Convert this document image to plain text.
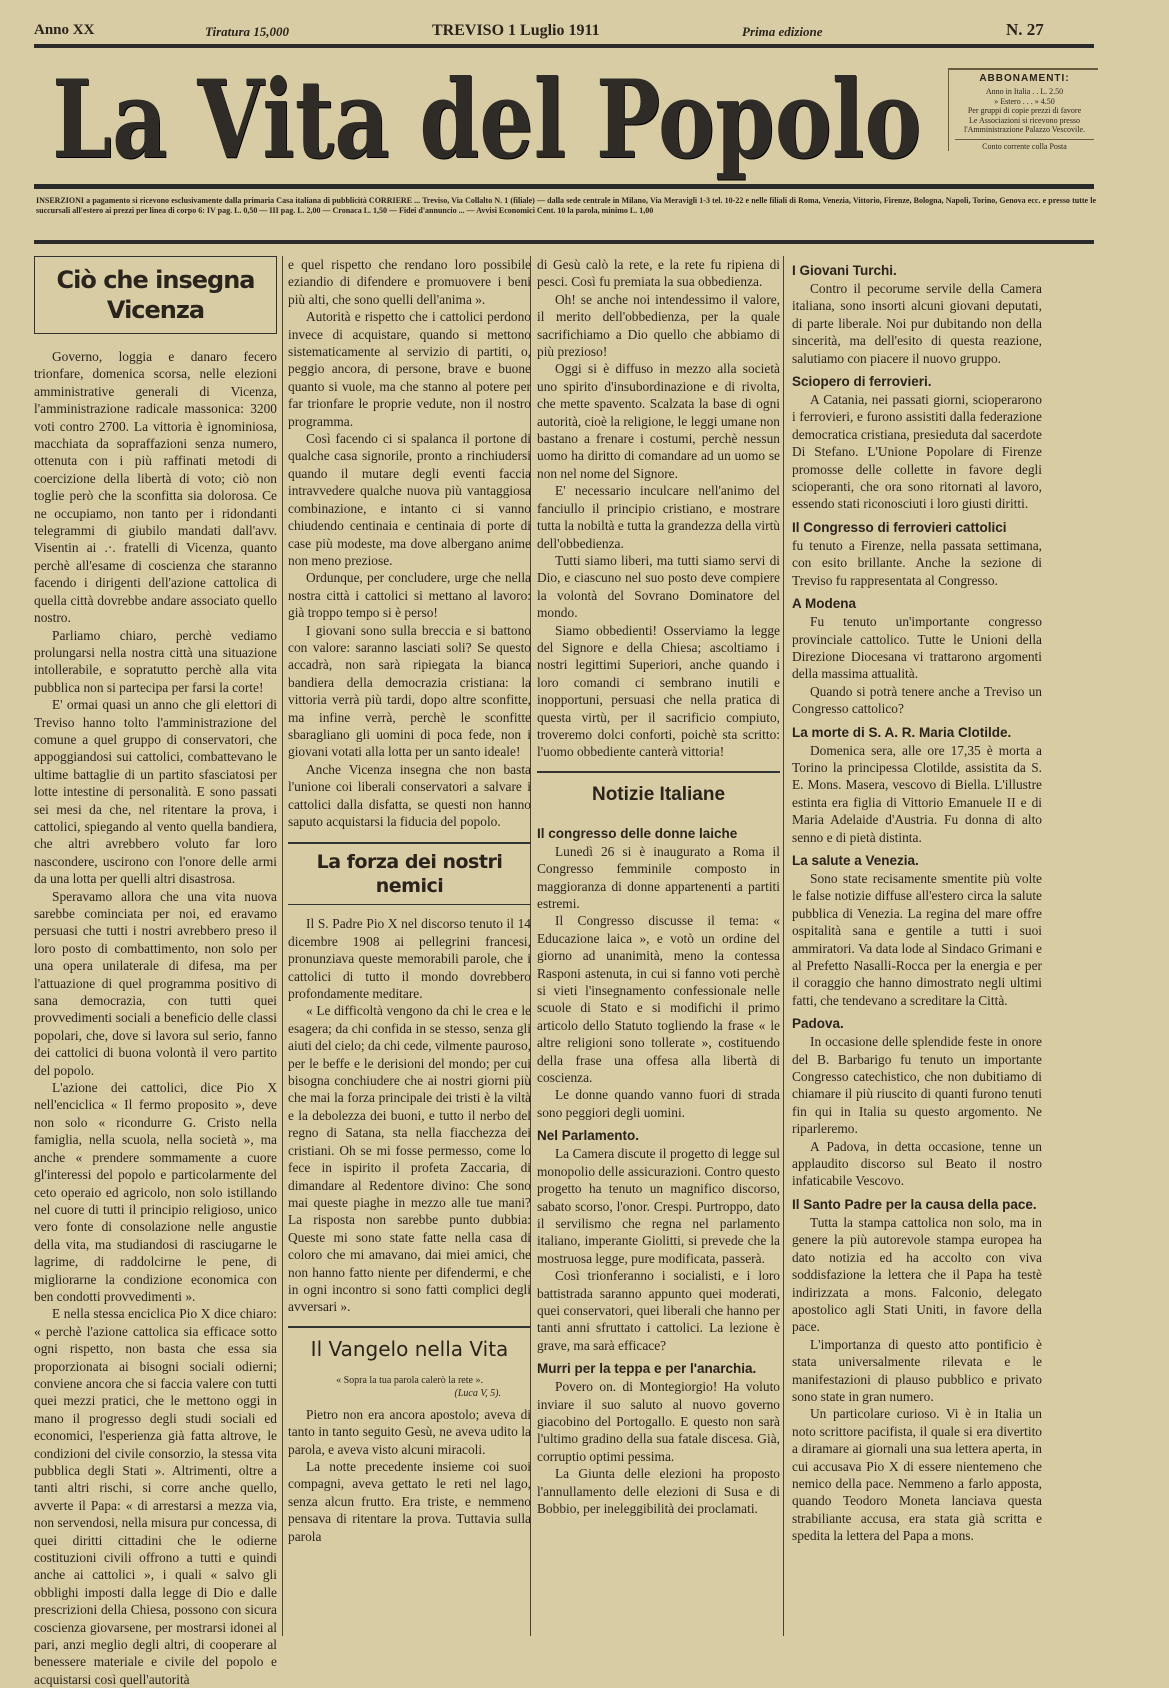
Anno XX	Tiratura 15,000	TREVISO 1 Luglio 1911	Prima edizione	N. 27
La Vita del Popolo	ABBONAMENTI:
Anno in Italia . . L. 2.50
» Estero . . . » 4.50
Per gruppi di copie prezzi di favore
Le Associazioni si ricevono presso l'Amministrazione Palazzo Vescovile.
Conto corrente colla Posta
INSERZIONI a pagamento si ricevono esclusivamente dalla primaria Casa italiana di pubblicità CORRIERE ... Treviso, Via Collalto N. 1 (filiale) — dalla sede centrale in Milano, Via Meravigli 1-3 tel. 10-22 e nelle filiali di Roma, Venezia, Vittorio, Firenze, Bologna, Napoli, Torino, Genova ecc. e presso tutte le succursali all'estero ai prezzi per linea di corpo 6: IV pag. L. 0,50 — III pag. L. 2,00 — Cronaca L. 1,50 — Fidei d'annuncio ... — Avvisi Economici Cent. 10 la parola, minimo L. 1,00
Ciò che insegna Vicenza

Governo, loggia e danaro fecero trionfare, domenica scorsa, nelle elezioni amministrative generali di Vicenza, l'amministrazione radicale massonica: 3200 voti contro 2700. La vittoria è ignominiosa, macchiata da sopraffazioni senza numero, ottenuta con i più raffinati metodi di coercizione della libertà di voto; ciò non toglie però che la sconfitta sia dolorosa. Ce ne occupiamo, non tanto per i ridondanti telegrammi di giubilo mandati dall'avv. Visentin ai .·. fratelli di Vicenza, quanto perchè all'esame di coscienza che staranno facendo i dirigenti dell'azione cattolica di quella città dovrebbe andare associato quello nostro.

Parliamo chiaro, perchè vediamo prolungarsi nella nostra città una situazione intollerabile, e sopratutto perchè alla vita pubblica non si partecipa per farsi la corte!

E' ormai quasi un anno che gli elettori di Treviso hanno tolto l'amministrazione del comune a quel gruppo di conservatori, che appoggiandosi sui cattolici, combattevano le ultime battaglie di un partito sfasciatosi per lotte intestine di personalità. E sono passati sei mesi da che, nel ritentare la prova, i cattolici, spiegando al vento quella bandiera, che altri avrebbero voluto far loro nascondere, uscirono con l'onore delle armi da una lotta per quelli altri disastrosa.

Speravamo allora che una vita nuova sarebbe cominciata per noi, ed eravamo persuasi che tutti i nostri avrebbero preso il loro posto di combattimento, non solo per una opera unilaterale di difesa, ma per l'attuazione di quel programma positivo di sana democrazia, con tutti quei provvedimenti sociali a beneficio delle classi popolari, che, dove si lavora sul serio, fanno dei cattolici di buona volontà il vero partito del popolo.

L'azione dei cattolici, dice Pio X nell'enciclica « Il fermo proposito », deve non solo « ricondurre G. Cristo nella famiglia, nella scuola, nella società », ma anche « prendere sommamente a cuore gl'interessi del popolo e particolarmente del ceto operaio ed agricolo, non solo istillando nel cuore di tutti il principio religioso, unico vero fonte di consolazione nelle angustie della vita, ma studiandosi di rasciugarne le lagrime, di raddolcirne le pene, di migliorarne la condizione economica con ben condotti provvedimenti ».

E nella stessa enciclica Pio X dice chiaro: « perchè l'azione cattolica sia efficace sotto ogni rispetto, non basta che essa sia proporzionata ai bisogni sociali odierni; conviene ancora che si faccia valere con tutti quei mezzi pratici, che le mettono oggi in mano il progresso degli studi sociali ed economici, l'esperienza già fatta altrove, le condizioni del civile consorzio, la stessa vita pubblica degli Stati ». Altrimenti, oltre a tanti altri rischi, si corre anche quello, avverte il Papa: « di arrestarsi a mezza via, non servendosi, nella misura pur concessa, di quei diritti cittadini che le odierne costituzioni civili offrono a tutti e quindi anche ai cattolici », i quali « salvo gli obblighi imposti dalla legge di Dio e dalle prescrizioni della Chiesa, possono con sicura coscienza giovarsene, per mostrarsi idonei al pari, anzi meglio degli altri, di cooperare al benessere materiale e civile del popolo e acquistarsi così quell'autorità

e quel rispetto che rendano loro possibile eziandio di difendere e promuovere i beni più alti, che sono quelli dell'anima ».

Autorità e rispetto che i cattolici perdono invece di acquistare, quando si mettono sistematicamente al servizio di partiti, o, peggio ancora, di persone, brave e buone quanto si vuole, ma che stanno al potere per far trionfare le proprie vedute, non il nostro programma.

Così facendo ci si spalanca il portone di qualche casa signorile, pronto a rinchiudersi quando il mutare degli eventi faccia intravvedere qualche nuova più vantaggiosa combinazione, e intanto ci si vanno chiudendo centinaia e centinaia di porte di case più modeste, ma dove albergano anime non meno preziose.

Ordunque, per concludere, urge che nella nostra città i cattolici si mettano al lavoro: già troppo tempo si è perso!

I giovani sono sulla breccia e si battono con valore: saranno lasciati soli? Se questo accadrà, non sarà ripiegata la bianca bandiera della democrazia cristiana: la vittoria verrà più tardi, dopo altre sconfitte, ma infine verrà, perchè le sconfitte sbaragliano gli uomini di poca fede, non i giovani votati alla lotta per un santo ideale!

Anche Vicenza insegna che non basta l'unione coi liberali conservatori a salvare i cattolici dalla disfatta, se questi non hanno saputo acquistarsi la fiducia del popolo.

La forza dei nostri nemici

Il S. Padre Pio X nel discorso tenuto il 14 dicembre 1908 ai pellegrini francesi, pronunziava queste memorabili parole, che i cattolici di tutto il mondo dovrebbero profondamente meditare.

« Le difficoltà vengono da chi le crea e le esagera; da chi confida in se stesso, senza gli aiuti del cielo; da chi cede, vilmente pauroso, per le beffe e le derisioni del mondo; per cui bisogna conchiudere che ai nostri giorni più che mai la forza principale dei tristi è la viltà e la debolezza dei buoni, e tutto il nerbo del regno di Satana, sta nella fiacchezza dei cristiani. Oh se mi fosse permesso, come lo fece in ispirito il profeta Zaccaria, di dimandare al Redentore divino: Che sono mai queste piaghe in mezzo alle tue mani? La risposta non sarebbe punto dubbia: Queste mi sono state fatte nella casa di coloro che mi amavano, dai miei amici, che non hanno fatto niente per difendermi, e che in ogni incontro si sono fatti complici degli avversari ».

Il Vangelo nella Vita
« Sopra la tua parola calerò la rete ».
(Luca V, 5).

Pietro non era ancora apostolo; aveva di tanto in tanto seguito Gesù, ne aveva udito la parola, e aveva visto alcuni miracoli.

La notte precedente insieme coi suoi compagni, aveva gettato le reti nel lago, senza alcun frutto. Era triste, e nemmeno pensava di ritentare la prova. Tuttavia sulla parola

di Gesù calò la rete, e la rete fu ripiena di pesci. Così fu premiata la sua obbedienza.

Oh! se anche noi intendessimo il valore, il merito dell'obbedienza, per la quale sacrifichiamo a Dio quello che abbiamo di più prezioso!

Oggi si è diffuso in mezzo alla società uno spirito d'insubordinazione e di rivolta, che mette spavento. Scalzata la base di ogni autorità, cioè la religione, le leggi umane non bastano a frenare i costumi, perchè nessun uomo ha diritto di comandare ad un uomo se non nel nome del Signore.

E' necessario inculcare nell'animo del fanciullo il principio cristiano, e mostrare tutta la nobiltà e tutta la grandezza della virtù dell'obbedienza.

Tutti siamo liberi, ma tutti siamo servi di Dio, e ciascuno nel suo posto deve compiere la volontà del Sovrano Dominatore del mondo.

Siamo obbedienti! Osserviamo la legge del Signore e della Chiesa; ascoltiamo i nostri legittimi Superiori, anche quando i loro comandi ci sembrano inutili e inopportuni, persuasi che nella pratica di questa virtù, per il sacrificio compiuto, troveremo dolci conforti, poichè sta scritto: l'uomo obbediente canterà vittoria!

Notizie Italiane
Il congresso delle donne laiche

Lunedì 26 si è inaugurato a Roma il Congresso femminile composto in maggioranza di donne appartenenti a partiti estremi.

Il Congresso discusse il tema: « Educazione laica », e votò un ordine del giorno ad unanimità, meno la contessa Rasponi astenuta, in cui si fanno voti perchè si vieti l'insegnamento confessionale nelle scuole di Stato e si modifichi il primo articolo dello Statuto togliendo la frase « le altre religioni sono tollerate », costituendo della frase una offesa alla libertà di coscienza.

Le donne quando vanno fuori di strada sono peggiori degli uomini.

Nel Parlamento.

La Camera discute il progetto di legge sul monopolio delle assicurazioni. Contro questo progetto ha tenuto un magnifico discorso, sabato scorso, l'onor. Crespi. Purtroppo, dato il servilismo che regna nel parlamento italiano, imperante Giolitti, si prevede che la mostruosa legge, pure modificata, passerà.

Così trionferanno i socialisti, e i loro battistrada saranno appunto quei moderati, quei conservatori, quei liberali che hanno per tanti anni sfruttato i cattolici. La lezione è grave, ma sarà efficace?

Murri per la teppa e per l'anarchia.

Povero on. di Montegiorgio! Ha voluto inviare il suo saluto al nuovo governo giacobino del Portogallo. E questo non sarà l'ultimo gradino della sua fatale discesa. Già, corruptio optimi pessima.

La Giunta delle elezioni ha proposto l'annullamento delle elezioni di Susa e di Bobbio, per ineleggibilità dei proclamati.

I Giovani Turchi.

Contro il pecorume servile della Camera italiana, sono insorti alcuni giovani deputati, di parte liberale. Noi pur dubitando non della sincerità, ma dell'esito di questa reazione, salutiamo con piacere il nuovo gruppo.

Sciopero di ferrovieri.

A Catania, nei passati giorni, scioperarono i ferrovieri, e furono assistiti dalla federazione democratica cristiana, presieduta dal sacerdote Di Stefano. L'Unione Popolare di Firenze promosse delle collette in favore degli scioperanti, che ora sono ritornati al lavoro, essendo stati riconosciuti i loro giusti diritti.

Il Congresso di ferrovieri cattolici

fu tenuto a Firenze, nella passata settimana, con esito brillante. Anche la sezione di Treviso fu rappresentata al Congresso.

A Modena

Fu tenuto un'importante congresso provinciale cattolico. Tutte le Unioni della Direzione Diocesana vi trattarono argomenti della massima attualità.

Quando si potrà tenere anche a Treviso un Congresso cattolico?

La morte di S. A. R. Maria Clotilde.

Domenica sera, alle ore 17,35 è morta a Torino la principessa Clotilde, assistita da S. E. Mons. Masera, vescovo di Biella. L'illustre estinta era figlia di Vittorio Emanuele II e di Maria Adelaide d'Austria. Fu donna di alto senno e di pietà distinta.

La salute a Venezia.

Sono state recisamente smentite più volte le false notizie diffuse all'estero circa la salute pubblica di Venezia. La regina del mare offre ospitalità sana e gentile a tutti i suoi ammiratori. Va data lode al Sindaco Grimani e al Prefetto Nasalli-Rocca per la energia e per il coraggio che hanno dimostrato negli ultimi fatti, che tendevano a screditare la Città.

Padova.

In occasione delle splendide feste in onore del B. Barbarigo fu tenuto un importante Congresso catechistico, che non dubitiamo di chiamare il più riuscito di quanti furono tenuti fin qui in Italia su questo argomento. Ne riparleremo.

A Padova, in detta occasione, tenne un applaudito discorso sul Beato il nostro infaticabile Vescovo.

Il Santo Padre per la causa della pace.

Tutta la stampa cattolica non solo, ma in genere la più autorevole stampa europea ha dato notizia ed ha accolto con viva soddisfazione la lettera che il Papa ha testè indirizzata a mons. Falconio, delegato apostolico agli Stati Uniti, in favore della pace.

L'importanza di questo atto pontificio è stata universalmente rilevata e le manifestazioni di plauso pubblico e privato sono state in gran numero.

Un particolare curioso. Vi è in Italia un noto scrittore pacifista, il quale si era divertito a diramare ai giornali una sua lettera aperta, in cui accusava Pio X di essere nientemeno che nemico della pace. Nemmeno a farlo apposta, quando Teodoro Moneta lanciava questa strabiliante accusa, era stata già scritta e spedita la lettera del Papa a mons.
